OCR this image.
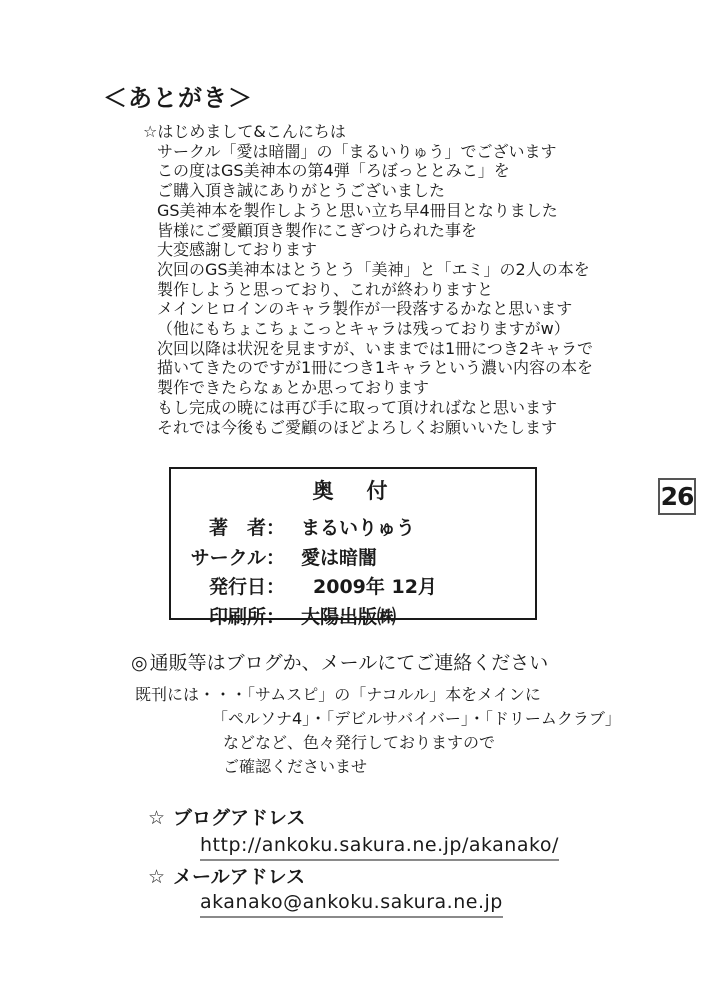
＜あとがき＞
☆はじめまして&こんにちは
サークル「愛は暗闇」の「まるいりゅう」でございます
この度はGS美神本の第4弾「ろぼっととみこ」を
ご購入頂き誠にありがとうございました
GS美神本を製作しようと思い立ち早4冊目となりました
皆様にご愛顧頂き製作にこぎつけられた事を
大変感謝しております
次回のGS美神本はとうとう「美神」と「エミ」の2人の本を
製作しようと思っており、これが終わりますと
メインヒロインのキャラ製作が一段落するかなと思います
（他にもちょこちょこっとキャラは残っておりますがw）
次回以降は状況を見ますが、いままでは1冊につき2キャラで
描いてきたのですが1冊につき1キャラという濃い内容の本を
製作できたらなぁとか思っております
もし完成の暁には再び手に取って頂ければなと思います
それでは今後もご愛顧のほどよろしくお願いいたします
奥　付
著　者： まるいりゅう
サークル： 愛は暗闇
発行日： 2009年 12月
印刷所： 大陽出版㈱
26
◎ 通販等はブログか、メールにてご連絡ください
既刊には・・・「サムスピ」の「ナコルル」本をメインに
「ペルソナ4」・「デビルサバイバー」・「ドリームクラブ」
などなど、色々発行しておりますので
ご確認くださいませ
☆ ブログアドレス
http://ankoku.sakura.ne.jp/akanako/
☆ メールアドレス
akanako@ankoku.sakura.ne.jp
